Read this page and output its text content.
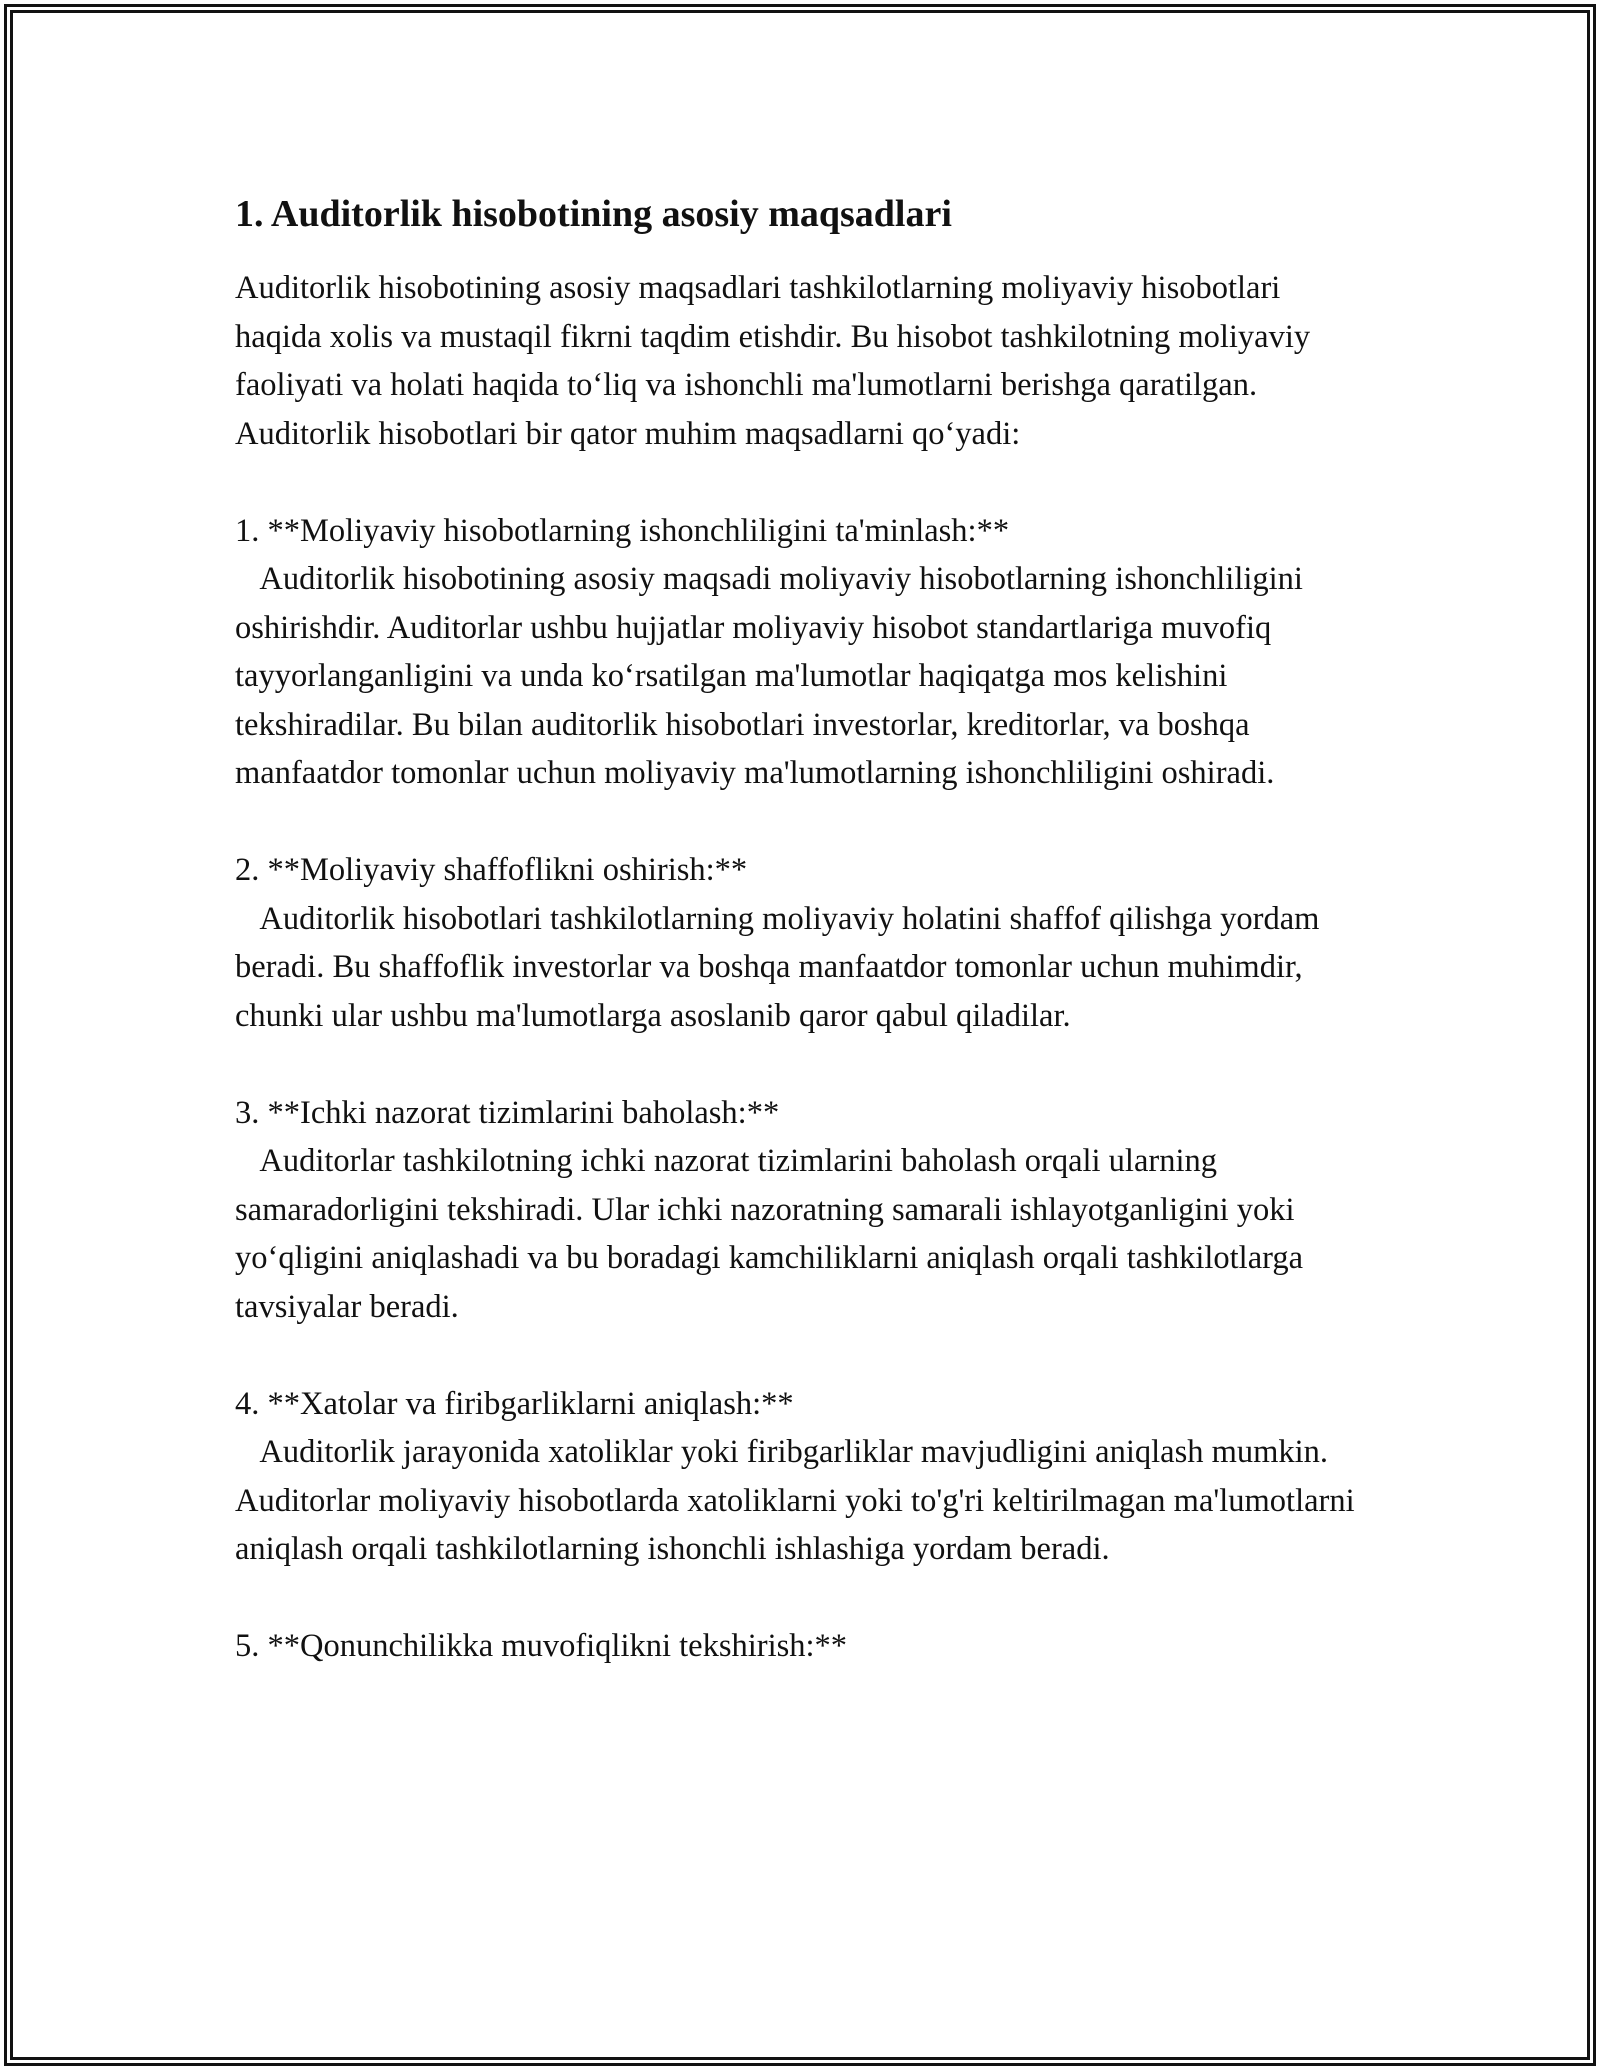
1. Auditorlik hisobotining asosiy maqsadlari

Auditorlik hisobotining asosiy maqsadlari tashkilotlarning moliyaviy hisobotlari haqida xolis va mustaqil fikrni taqdim etishdir. Bu hisobot tashkilotning moliyaviy faoliyati va holati haqida to‘liq va ishonchli ma'lumotlarni berishga qaratilgan. Auditorlik hisobotlari bir qator muhim maqsadlarni qo‘yadi:

1. **Moliyaviy hisobotlarning ishonchliligini ta'minlash:**
Auditorlik hisobotining asosiy maqsadi moliyaviy hisobotlarning ishonchliligini oshirishdir. Auditorlar ushbu hujjatlar moliyaviy hisobot standartlariga muvofiq tayyorlanganligini va unda ko‘rsatilgan ma'lumotlar haqiqatga mos kelishini tekshiradilar. Bu bilan auditorlik hisobotlari investorlar, kreditorlar, va boshqa manfaatdor tomonlar uchun moliyaviy ma'lumotlarning ishonchliligini oshiradi.

2. **Moliyaviy shaffoflikni oshirish:**
Auditorlik hisobotlari tashkilotlarning moliyaviy holatini shaffof qilishga yordam beradi. Bu shaffoflik investorlar va boshqa manfaatdor tomonlar uchun muhimdir, chunki ular ushbu ma'lumotlarga asoslanib qaror qabul qiladilar.

3. **Ichki nazorat tizimlarini baholash:**
Auditorlar tashkilotning ichki nazorat tizimlarini baholash orqali ularning samaradorligini tekshiradi. Ular ichki nazoratning samarali ishlayotganligini yoki yo‘qligini aniqlashadi va bu boradagi kamchiliklarni aniqlash orqali tashkilotlarga tavsiyalar beradi.

4. **Xatolar va firibgarliklarni aniqlash:**
Auditorlik jarayonida xatoliklar yoki firibgarliklar mavjudligini aniqlash mumkin. Auditorlar moliyaviy hisobotlarda xatoliklarni yoki to'g'ri keltirilmagan ma'lumotlarni aniqlash orqali tashkilotlarning ishonchli ishlashiga yordam beradi.

5. **Qonunchilikka muvofiqlikni tekshirish:**
